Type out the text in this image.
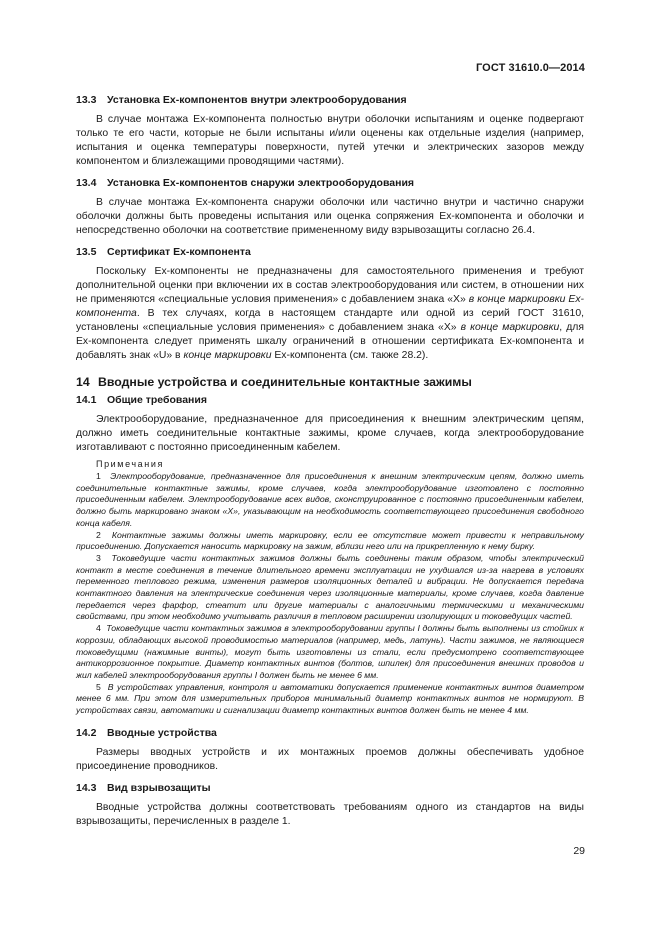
ГОСТ 31610.0—2014
13.3 Установка Ex-компонентов внутри электрооборудования

В случае монтажа Ex-компонента полностью внутри оболочки испытаниям и оценке подвергают только те его части, которые не были испытаны и/или оценены как отдельные изделия (например, испытания и оценка температуры поверхности, путей утечки и электрических зазоров между компонентом и близлежащими проводящими частями).

13.4 Установка Ex-компонентов снаружи электрооборудования

В случае монтажа Ex-компонента снаружи оболочки или частично внутри и частично снаружи оболочки должны быть проведены испытания или оценка сопряжения Ex-компонента и оболочки и непосредственно оболочки на соответствие примененному виду взрывозащиты согласно 26.4.

13.5 Сертификат Ex-компонента

Поскольку Ex-компоненты не предназначены для самостоятельного применения и требуют дополнительной оценки при включении их в состав электрооборудования или систем, в отношении них не применяются «специальные условия применения» с добавлением знака «X» в конце маркировки Ex-компонента. В тех случаях, когда в настоящем стандарте или одной из серий ГОСТ 31610, установлены «специальные условия применения» с добавлением знака «X» в конце маркировки, для Ex-компонента следует применять шкалу ограничений в отношении сертификата Ex-компонента и добавлять знак «U» в конце маркировки Ex-компонента (см. также 28.2).

14 Вводные устройства и соединительные контактные зажимы
14.1 Общие требования

Электрооборудование, предназначенное для присоединения к внешним электрическим цепям, должно иметь соединительные контактные зажимы, кроме случаев, когда электрооборудование изготавливают с постоянно присоединенным кабелем.

Примечания

1 Электрооборудование, предназначенное для присоединения к внешним электрическим цепям, должно иметь соединительные контактные зажимы, кроме случаев, когда электрооборудование изготовлено с постоянно присоединенным кабелем. Электрооборудование всех видов, сконструированное с постоянно присоединенным кабелем, должно быть маркировано знаком «X», указывающим на необходимость соответствующего присоединения свободного конца кабеля.

2 Контактные зажимы должны иметь маркировку, если ее отсутствие может привести к неправильному присоединению. Допускается наносить маркировку на зажим, вблизи него или на прикрепленную к нему бирку.

3 Токоведущие части контактных зажимов должны быть соединены таким образом, чтобы электрический контакт в месте соединения в течение длительного времени эксплуатации не ухудшался из-за нагрева в условиях переменного теплового режима, изменения размеров изоляционных деталей и вибрации. Не допускается передача контактного давления на электрические соединения через изоляционные материалы, кроме случаев, когда давление передается через фарфор, стеатит или другие материалы с аналогичными термическими и механическими свойствами, при этом необходимо учитывать различия в тепловом расширении изолирующих и токоведущих частей.

4 Токоведущие части контактных зажимов в электрооборудовании группы I должны быть выполнены из стойких к коррозии, обладающих высокой проводимостью материалов (например, медь, латунь). Части зажимов, не являющиеся токоведущими (нажимные винты), могут быть изготовлены из стали, если предусмотрено соответствующее антикоррозионное покрытие. Диаметр контактных винтов (болтов, шпилек) для присоединения внешних проводов и жил кабелей электрооборудования группы I должен быть не менее 6 мм.

5 В устройствах управления, контроля и автоматики допускается применение контактных винтов диаметром менее 6 мм. При этом для измерительных приборов минимальный диаметр контактных винтов не нормируют. В устройствах связи, автоматики и сигнализации диаметр контактных винтов должен быть не менее 4 мм.

14.2 Вводные устройства

Размеры вводных устройств и их монтажных проемов должны обеспечивать удобное присоединение проводников.

14.3 Вид взрывозащиты

Вводные устройства должны соответствовать требованиям одного из стандартов на виды взрывозащиты, перечисленных в разделе 1.

29
